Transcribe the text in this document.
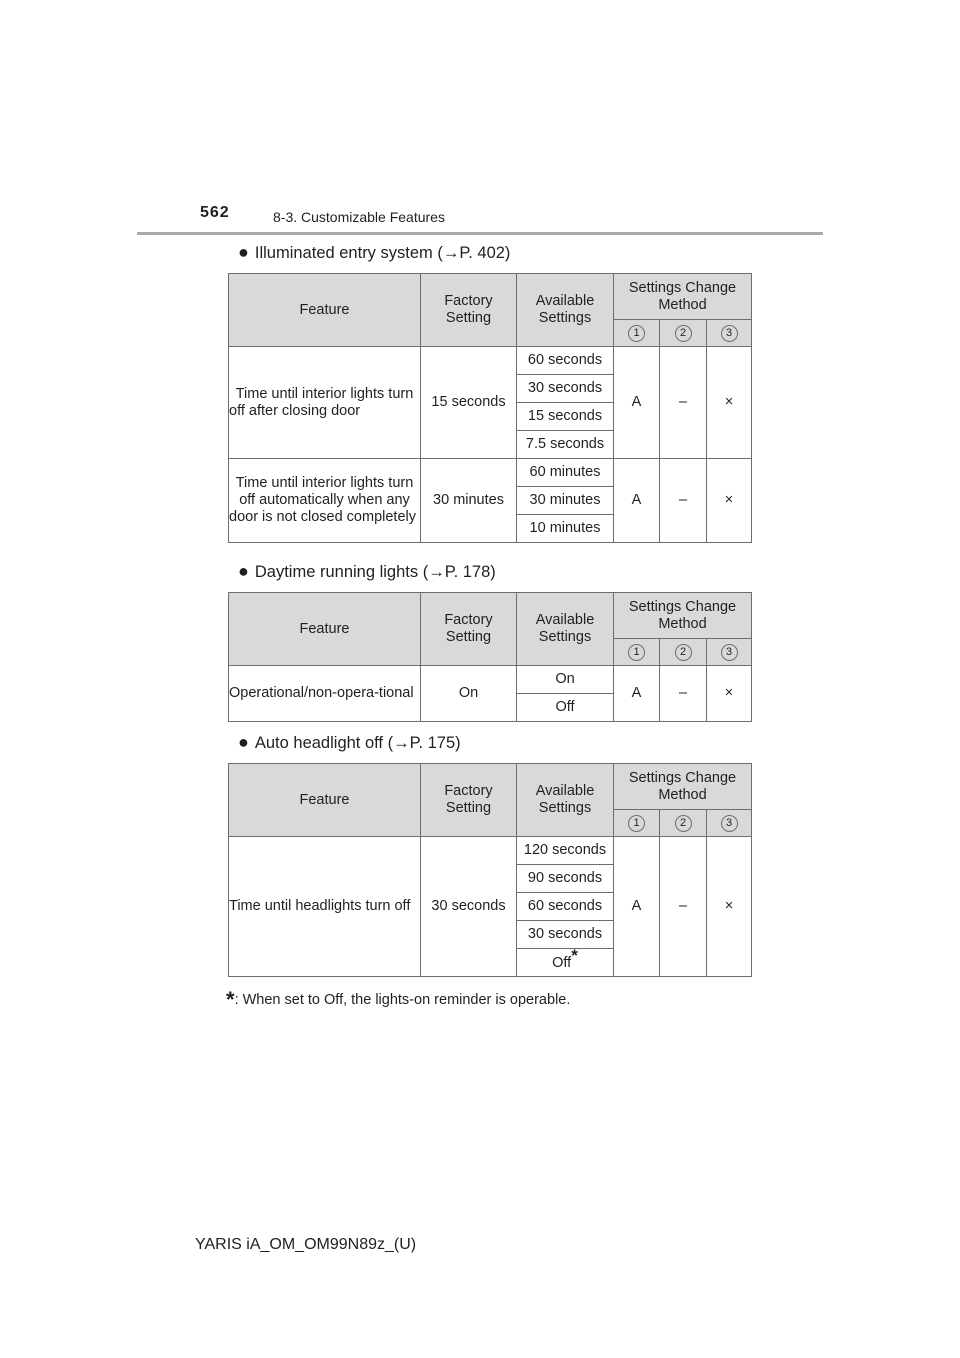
562	8-3. Customizable Features
● Illuminated entry system (→P. 402)
Feature	Factory Setting	Available Settings	Settings Change Method		
			1	2	3
Time until interior lights turn off after closing door	15 seconds	60 seconds	A	–	×
		30 seconds			
		15 seconds			
		7.5 seconds			
Time until interior lights turn off automatically when any door is not closed completely	30 minutes	60 minutes	A	–	×
		30 minutes			
		10 minutes			
● Daytime running lights (→P. 178)
Feature	Factory Setting	Available Settings	Settings Change Method		
			1	2	3
Operational/non-opera-tional	On	On	A	–	×
		Off			
● Auto headlight off (→P. 175)
Feature	Factory Setting	Available Settings	Settings Change Method		
			1	2	3
Time until headlights turn off	30 seconds	120 seconds	A	–	×
		90 seconds			
		60 seconds			
		30 seconds			
		Off*			
*: When set to Off, the lights-on reminder is operable.
YARIS iA_OM_OM99N89z_(U)
